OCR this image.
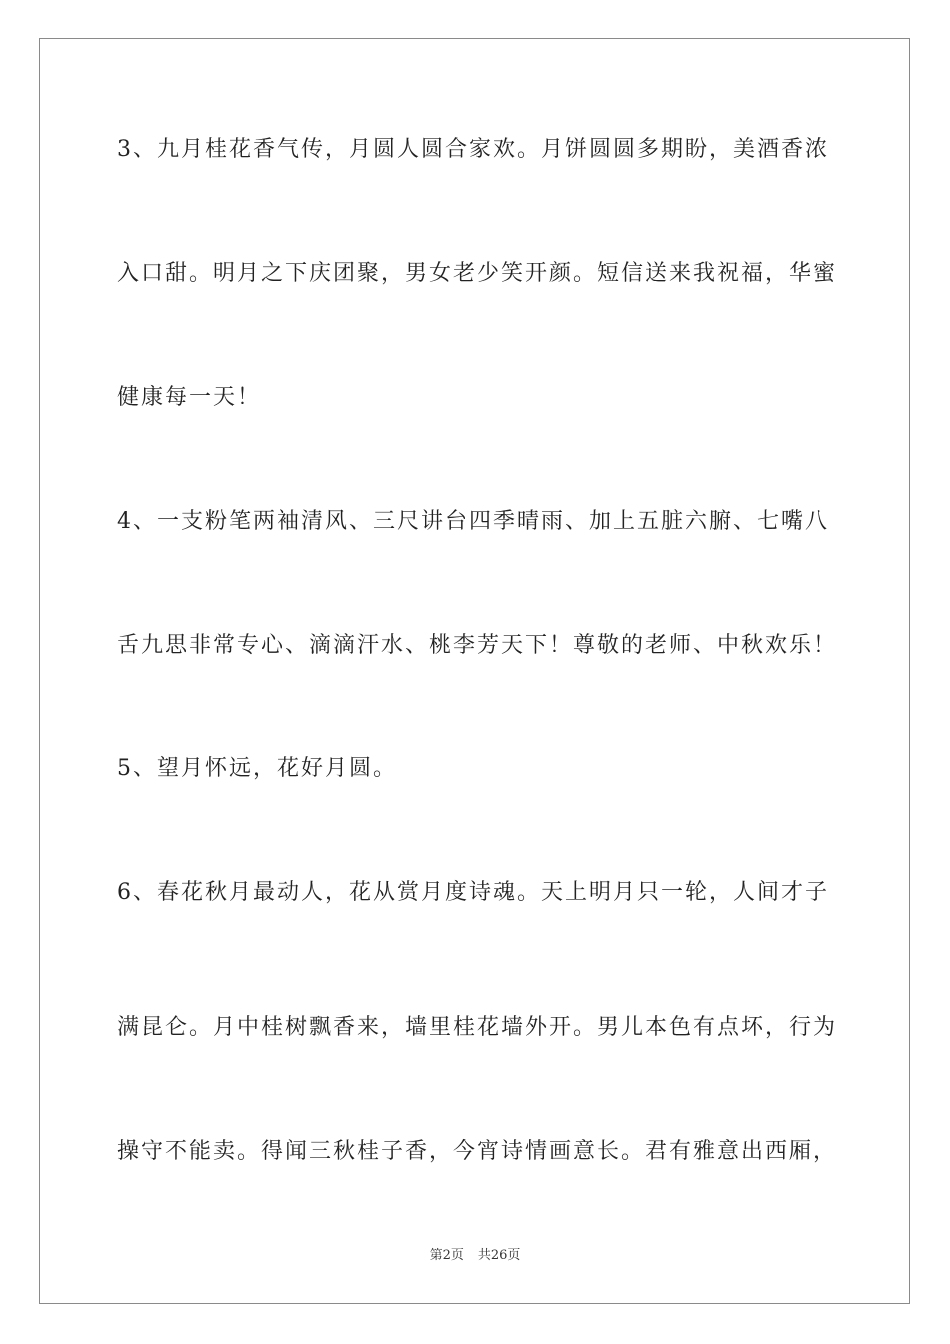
3、九月桂花香气传，月圆人圆合家欢。月饼圆圆多期盼，美酒香浓
入口甜。明月之下庆团聚，男女老少笑开颜。短信送来我祝福，华蜜
健康每一天！
4、一支粉笔两袖清风、三尺讲台四季晴雨、加上五脏六腑、七嘴八
舌九思非常专心、滴滴汗水、桃李芳天下！尊敬的老师、中秋欢乐！
5、望月怀远，花好月圆。
6、春花秋月最动人，花从赏月度诗魂。天上明月只一轮，人间才子
满昆仑。月中桂树飘香来，墙里桂花墙外开。男儿本色有点坏，行为
操守不能卖。得闻三秋桂子香，今宵诗情画意长。君有雅意出西厢，
第2页 共26页
